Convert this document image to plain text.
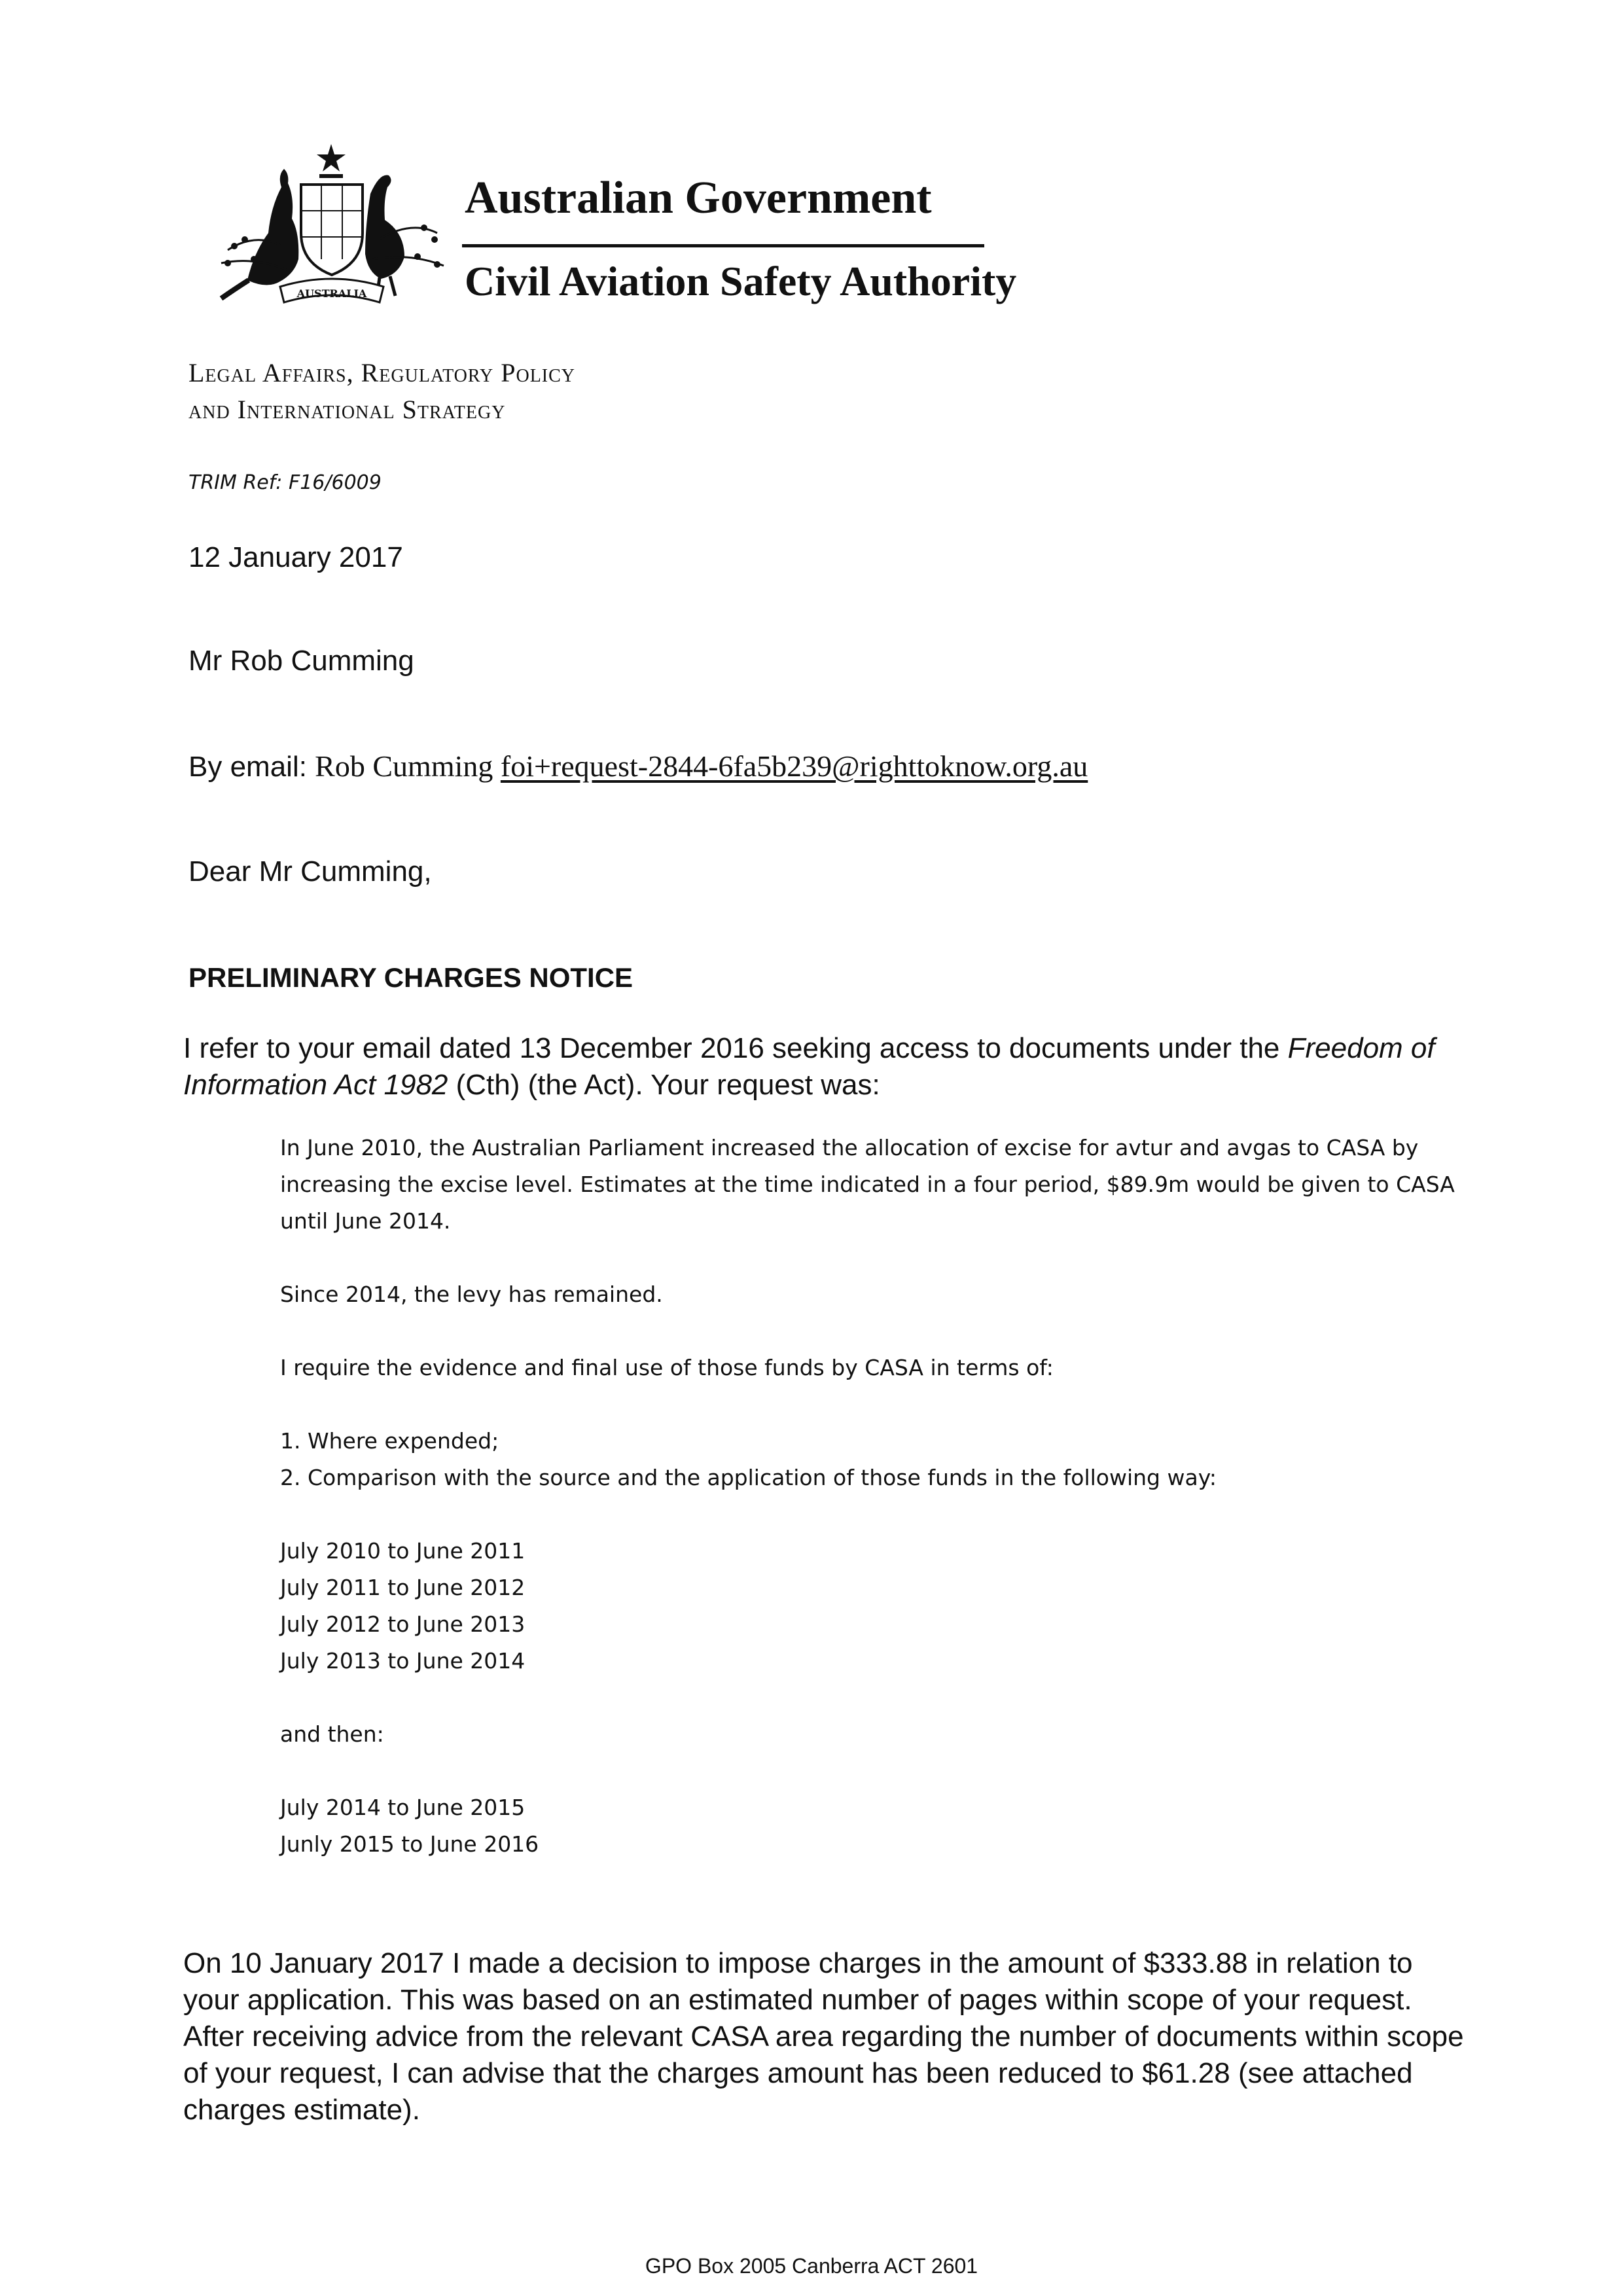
AUSTRALIA
Australian Government
Civil Aviation Safety Authority
Legal Affairs, Regulatory Policy
and International Strategy
TRIM Ref: F16/6009
12 January 2017
Mr Rob Cumming
By email: Rob Cumming foi+request-2844-6fa5b239@righttoknow.org.au
Dear Mr Cumming,
PRELIMINARY CHARGES NOTICE
I refer to your email dated 13 December 2016 seeking access to documents under the Freedom of Information Act 1982 (Cth) (the Act). Your request was:

In June 2010, the Australian Parliament increased the allocation of excise for avtur and avgas to CASA by increasing the excise level. Estimates at the time indicated in a four period, $89.9m would be given to CASA until June 2014.

Since 2014, the levy has remained.

I require the evidence and final use of those funds by CASA in terms of:

1. Where expended;

2. Comparison with the source and the application of those funds in the following way:

July 2010 to June 2011

July 2011 to June 2012

July 2012 to June 2013

July 2013 to June 2014

and then:

July 2014 to June 2015

Junly 2015 to June 2016

On 10 January 2017 I made a decision to impose charges in the amount of $333.88 in relation to your application. This was based on an estimated number of pages within scope of your request. After receiving advice from the relevant CASA area regarding the number of documents within scope of your request, I can advise that the charges amount has been reduced to $61.28 (see attached charges estimate).
GPO Box 2005 Canberra ACT 2601
